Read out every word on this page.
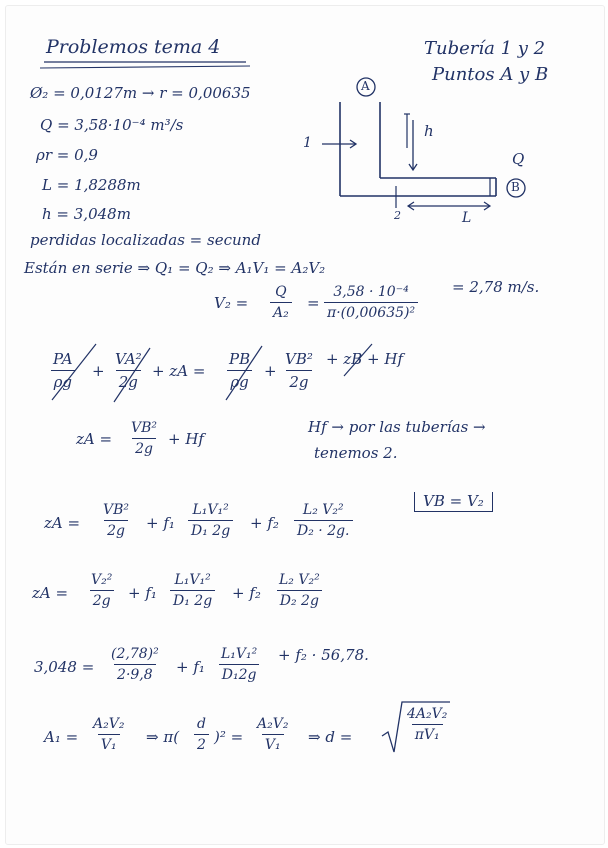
Problemos tema 4	Tubería 1 y 2
Puntos A y B
Ø₂ = 0,0127m → r = 0,00635
Q = 3,58·10⁻⁴ m³/s
ρr = 0,9
L = 1,8288m
h = 3,048m
A
B
1
2
h
Q
L
perdidas localizadas = secund
Están en serie ⇒ Q₁ = Q₂ ⇒ A₁V₁ = A₂V₂
$V_2 = \frac{Q}{\text{A₂}} = \frac{\text{3,58 · 10⁻⁴}}{\text{π·(0,00635)²}} = 2,78$ m/s.
$\frac{PA}{\rho g} + \frac{\text{VA²}}{2g}$ + zA = $\frac{PB}{\rho g} + \frac{\text{VB²}}{2g}$ + zB + Hf
zA = $\frac{\text{VB²}}{2g} + Hf$
Hf → por las tuberías →
tenemos 2.
zA = $\frac{\text{VB²}}{2g} + f_1 \frac{\text{L₁V₁²}}{\text{D₁ 2g}} + f_2 \frac{\text{L₂ V₂²}}{\text{D₂ · 2g.}}$
VB = V₂
zA = $\frac{\text{V₂²}}{2g} + f_1 \frac{\text{L₁V₁²}}{\text{D₁ 2g}} + f_2 \frac{\text{L₂ V₂²}}{\text{D₂ 2g}}$
$3,048 = \frac{\text{(2,78)²}}{2\cdot 9,8} + f_1 \frac{\text{L₁V₁²}}{\text{D₁2g}} + f_2 \cdot 56,78$.
$A_1 = \frac{\text{A₂V₂}}{\text{V₁}}$ ⇒ $\pi( \frac{d}{2} )^2 = \frac{\text{A₂V₂}}{\text{V₁}}$ ⇒ d =	$\frac{\text{4A₂V₂}}{\text{πV₁}}$
